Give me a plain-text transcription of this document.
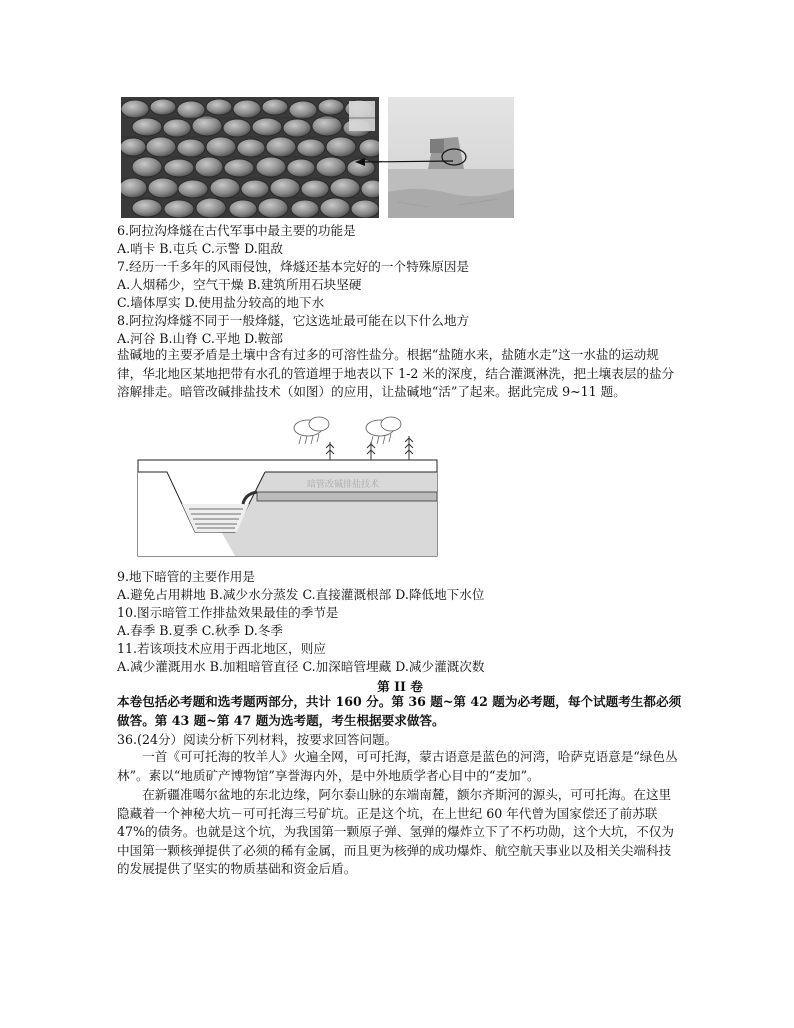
6.阿拉沟烽燧在古代军事中最主要的功能是
A.哨卡 B.屯兵 C.示警 D.阻敌
7.经历一千多年的风雨侵蚀，烽燧还基本完好的一个特殊原因是
A.人烟稀少，空气干燥 B.建筑所用石块坚硬
C.墙体厚实 D.使用盐分较高的地下水
8.阿拉沟烽燧不同于一般烽燧，它这选址最可能在以下什么地方
A.河谷 B.山脊 C.平地 D.鞍部
盐碱地的主要矛盾是土壤中含有过多的可溶性盐分。根据“盐随水来，盐随水走”这一水盐的运动规律，华北地区某地把带有水孔的管道埋于地表以下 1-2 米的深度，结合灌溉淋洗，把土壤表层的盐分溶解排走。暗管改碱排盐技术（如图）的应用，让盐碱地“活”了起来。据此完成 9~11 题。
暗管改碱排盐技术
9.地下暗管的主要作用是
A.避免占用耕地 B.减少水分蒸发 C.直接灌溉根部 D.降低地下水位
10.图示暗管工作排盐效果最佳的季节是
A.春季 B.夏季 C.秋季 D.冬季
11.若该项技术应用于西北地区，则应
A.减少灌溉用水 B.加粗暗管直径 C.加深暗管埋藏 D.减少灌溉次数
第 II 卷
本卷包括必考题和选考题两部分，共计 160 分。第 36 题~第 42 题为必考题，每个试题考生都必须做答。第 43 题~第 47 题为选考题，考生根据要求做答。
36.(24分）阅读分析下列材料，按要求回答问题。
一首《可可托海的牧羊人》火遍全网，可可托海，蒙古语意是蓝色的河湾，哈萨克语意是“绿色丛林”。素以“地质矿产博物馆”享誉海内外，是中外地质学者心目中的“麦加”。
在新疆准噶尔盆地的东北边缘，阿尔泰山脉的东端南麓，额尔齐斯河的源头，可可托海。在这里隐藏着一个神秘大坑－可可托海三号矿坑。正是这个坑，在上世纪 60 年代曾为国家偿还了前苏联 47%的债务。也就是这个坑，为我国第一颗原子弹、氢弹的爆炸立下了不朽功勋，这个大坑，不仅为中国第一颗核弹提供了必须的稀有金属，而且更为核弹的成功爆炸、航空航天事业以及相关尖端科技的发展提供了坚实的物质基础和资金后盾。
